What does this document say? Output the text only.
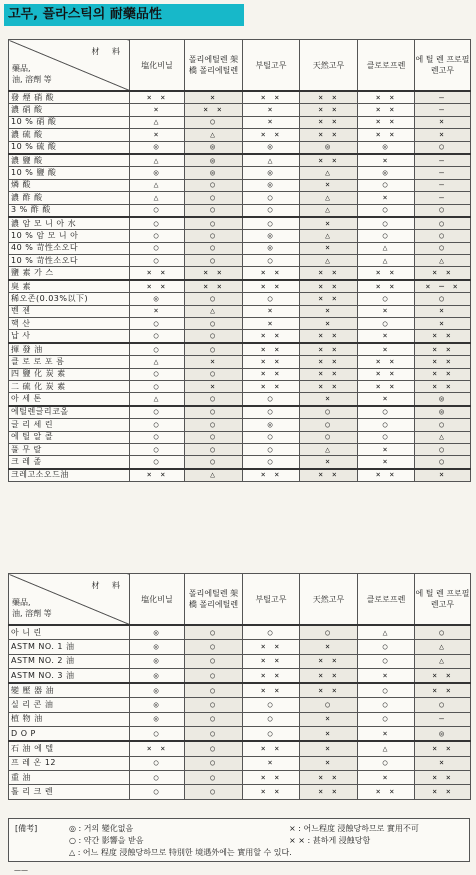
고무, 플라스틱의 耐藥品性
材 料
藥品,
油, 溶劑 等	塩化비닐	폴리에틸렌 架 橋 폴리에틸렌	부틸고무	天然고무	클로로프렌	에 틸 렌 프로필렌고무
發 煙 硝 酸	× ×	×	× ×	× ×	× ×	―
濃 硝 酸	×	× ×	×	× ×	× ×	―
10 % 硝 酸	△	○	×	× ×	× ×	×
濃 硫 酸	×	△	× ×	× ×	× ×	×
10 % 硫 酸	◎	◎	◎	◎	◎	○
濃 鹽 酸	△	◎	△	× ×	×	―
10 % 鹽 酸	◎	◎	◎	△	◎	―
燐 酸	△	○	◎	×	○	―
濃 酢 酸	△	○	○	△	×	―
3 % 酢 酸	○	○	○	△	○	○
濃 암 모 니 아 水	○	○	○	×	○	○
10 % 암 모 니 아	○	○	◎	△	○	○
40 % 苛性소오다	○	○	◎	×	△	○
10 % 苛性소오다	○	○	○	△	△	△
鹽 素 가 스	× ×	× ×	× ×	× ×	× ×	× ×
臭 素	× ×	× ×	× ×	× ×	× ×	× ─ ×
稀오존(0.03%以下)	◎	○	○	× ×	○	○
벤 젠	×	△	×	×	×	×
핵 산	○	○	×	×	○	×
납 사	○	○	× ×	× ×	×	× ×
揮 發 油	○	○	× ×	× ×	×	× ×
클 로 로 포 름	△	×	× ×	× ×	× ×	× ×
四 鹽 化 炭 素	○	○	× ×	× ×	× ×	× ×
二 硫 化 炭 素	○	×	× ×	× ×	× ×	× ×
아 세 톤	△	○	○	×	×	◎
에틸렌글리코올	○	○	○	○	○	◎
글 리 세 린	○	○	◎	○	○	○
에 틸 알 콜	○	○	○	○	○	△
풀 무 랄	○	○	○	△	×	○
크 레 졸	○	○	○	×	×	○
크레고소오드油	× ×	△	× ×	× ×	× ×	×
材 料
藥品,
油, 溶劑 等	塩化비닐	폴리에틸렌 架 橋 폴리에틸렌	부틸고무	天然고무	클로로프렌	에 틸 렌 프로필렌고무
아 니 린	◎	○	○	○	△	○
ASTM NO. 1 油	◎	○	× ×	×	○	△
ASTM NO. 2 油	◎	○	× ×	× ×	○	△
ASTM NO. 3 油	◎	○	× ×	× ×	×	× ×
變 壓 器 油	◎	○	× ×	× ×	○	× ×
실 리 콘 油	◎	○	○	○	○	○
植 物 油	◎	○	○	×	○	―
D O P	○	○	○	×	×	◎
石 油 에 텔	× ×	○	× ×	×	△	× ×
프 레 온 12	○	○	×	×	○	×
重 油	○	○	× ×	× ×	×	× ×
톨 리 크 렌	○	○	× ×	× ×	× ×	× ×
[備考]	◎ : 거의 變化없음
○ : 약간 影響을 받음
△ : 어느 程度 浸蝕당하므로 特別한 境遇外에는 實用할 수 있다.
× : 어느程度 浸蝕당하므로 實用不可
× × : 甚하게 浸蝕당함
——
